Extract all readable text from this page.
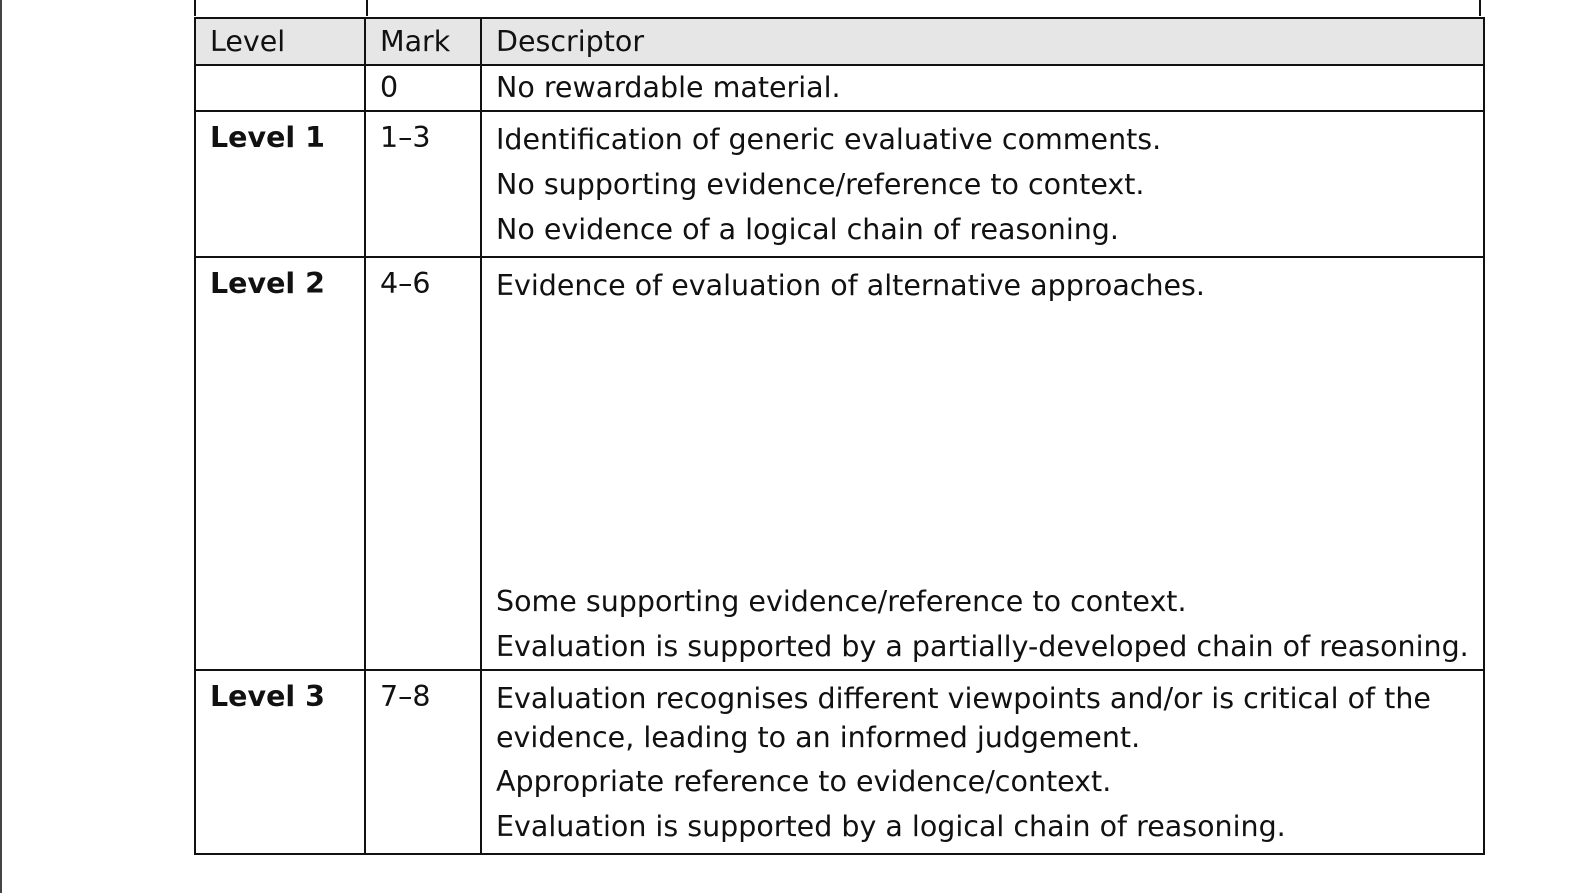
Level	Mark	Descriptor
	0	No rewardable material.
Level 1	1–3	Identification of generic evaluative comments.
No supporting evidence/reference to context.
No evidence of a logical chain of reasoning.

Level 2	4–6	Evidence of evaluation of alternative approaches.
Some supporting evidence/reference to context.
Evaluation is supported by a partially-developed chain of reasoning.

Level 3	7–8	Evaluation recognises different viewpoints and/or is critical of the evidence, leading to an informed judgement.
Appropriate reference to evidence/context.
Evaluation is supported by a logical chain of reasoning.
